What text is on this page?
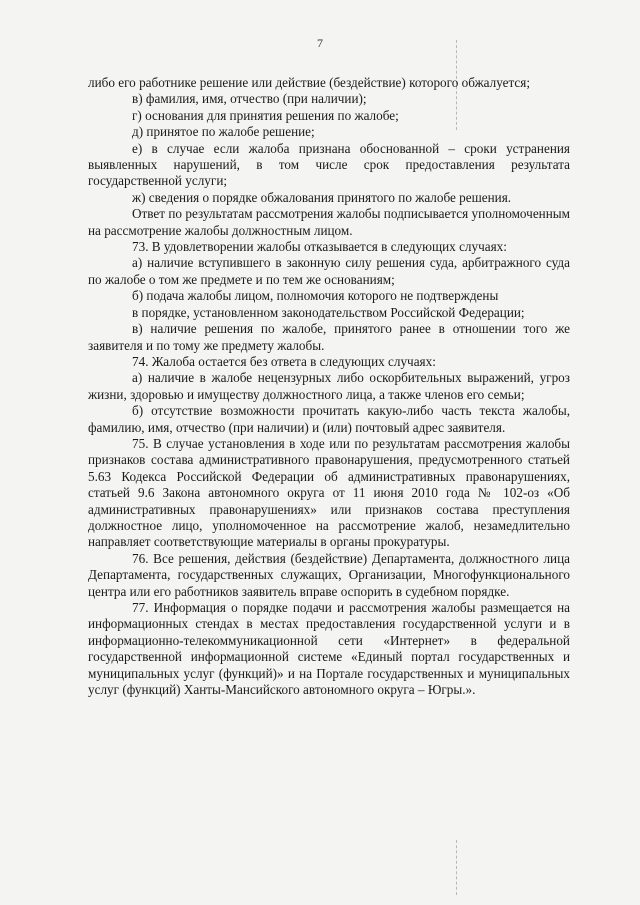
7

либо его работнике решение или действие (бездействие) которого обжалуется;

в) фамилия, имя, отчество (при наличии);

г) основания для принятия решения по жалобе;

д) принятое по жалобе решение;

е) в случае если жалоба признана обоснованной – сроки устранения выявленных нарушений, в том числе срок предоставления результата государственной услуги;

ж) сведения о порядке обжалования принятого по жалобе решения.

Ответ по результатам рассмотрения жалобы подписывается уполномоченным на рассмотрение жалобы должностным лицом.

73. В удовлетворении жалобы отказывается в следующих случаях:

а) наличие вступившего в законную силу решения суда, арбитражного суда по жалобе о том же предмете и по тем же основаниям;

б) подача жалобы лицом, полномочия которого не подтверждены

в порядке, установленном законодательством Российской Федерации;

в) наличие решения по жалобе, принятого ранее в отношении того же заявителя и по тому же предмету жалобы.

74. Жалоба остается без ответа в следующих случаях:

а) наличие в жалобе нецензурных либо оскорбительных выражений, угроз жизни, здоровью и имуществу должностного лица, а также членов его семьи;

б) отсутствие возможности прочитать какую-либо часть текста жалобы, фамилию, имя, отчество (при наличии) и (или) почтовый адрес заявителя.

75. В случае установления в ходе или по результатам рассмотрения жалобы признаков состава административного правонарушения, предусмотренного статьей 5.63 Кодекса Российской Федерации об административных правонарушениях, статьей 9.6 Закона автономного округа от 11 июня 2010 года № 102-оз «Об административных правонарушениях» или признаков состава преступления должностное лицо, уполномоченное на рассмотрение жалоб, незамедлительно направляет соответствующие материалы в органы прокуратуры.

76. Все решения, действия (бездействие) Департамента, должностного лица Департамента, государственных служащих, Организации, Многофункционального центра или его работников заявитель вправе оспорить в судебном порядке.

77. Информация о порядке подачи и рассмотрения жалобы размещается на информационных стендах в местах предоставления государственной услуги и в информационно-телекоммуникационной сети «Интернет» в федеральной государственной информационной системе «Единый портал государственных и муниципальных услуг (функций)» и на Портале государственных и муниципальных услуг (функций) Ханты-Мансийского автономного округа – Югры.».
